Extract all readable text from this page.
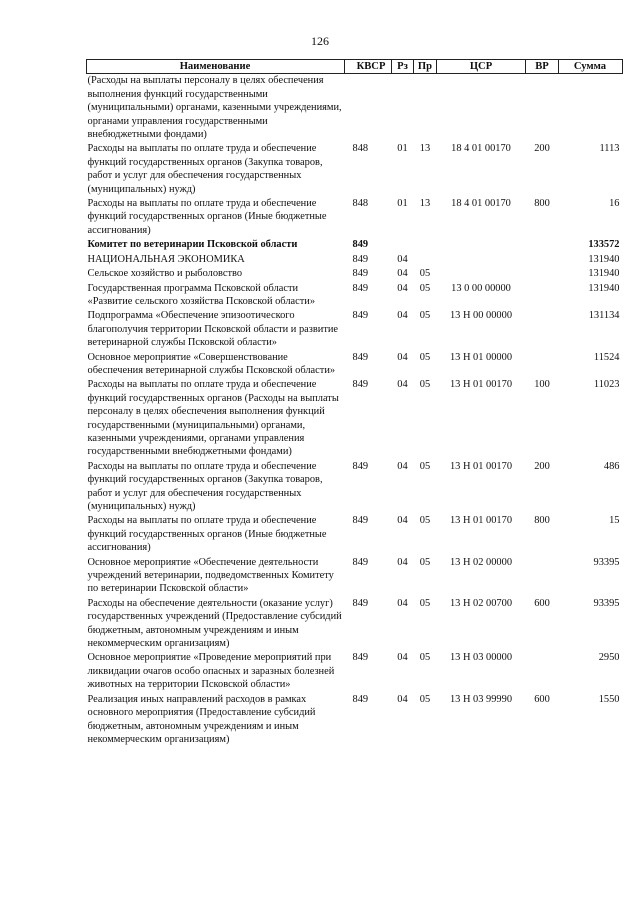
126
Наименование	КВСР	Рз	Пр	ЦСР	ВР	Сумма
(Расходы на выплаты персоналу в целях обеспечения выполнения функций государственными (муниципальными) органами, казенными учреждениями, органами управления государственными внебюджетными фондами)						
Расходы на выплаты по оплате труда и обеспечение функций государственных органов (Закупка товаров, работ и услуг для обеспечения государственных (муниципальных) нужд)	848	01	13	18 4 01 00170	200	1113
Расходы на выплаты по оплате труда и обеспечение функций государственных органов (Иные бюджетные ассигнования)	848	01	13	18 4 01 00170	800	16
Комитет по ветеринарии Псковской области	849					133572
НАЦИОНАЛЬНАЯ ЭКОНОМИКА	849	04				131940
Сельское хозяйство и рыболовство	849	04	05			131940
Государственная программа Псковской области «Развитие сельского хозяйства Псковской области»	849	04	05	13 0 00 00000		131940
Подпрограмма «Обеспечение эпизоотического благополучия территории Псковской области и развитие ветеринарной службы Псковской области»	849	04	05	13 Н 00 00000		131134
Основное мероприятие «Совершенствование обеспечения ветеринарной службы Псковской области»	849	04	05	13 Н 01 00000		11524
Расходы на выплаты по оплате труда и обеспечение функций государственных органов (Расходы на выплаты персоналу в целях обеспечения выполнения функций государственными (муниципальными) органами, казенными учреждениями, органами управления государственными внебюджетными фондами)	849	04	05	13 Н 01 00170	100	11023
Расходы на выплаты по оплате труда и обеспечение функций государственных органов (Закупка товаров, работ и услуг для обеспечения государственных (муниципальных) нужд)	849	04	05	13 Н 01 00170	200	486
Расходы на выплаты по оплате труда и обеспечение функций государственных органов (Иные бюджетные ассигнования)	849	04	05	13 Н 01 00170	800	15
Основное мероприятие «Обеспечение деятельности учреждений ветеринарии, подведомственных Комитету по ветеринарии Псковской области»	849	04	05	13 Н 02 00000		93395
Расходы на обеспечение деятельности (оказание услуг) государственных учреждений (Предоставление субсидий бюджетным, автономным учреждениям и иным некоммерческим организациям)	849	04	05	13 Н 02 00700	600	93395
Основное мероприятие «Проведение мероприятий при ликвидации очагов особо опасных и заразных болезней животных на территории Псковской области»	849	04	05	13 Н 03 00000		2950
Реализация иных направлений расходов в рамках основного мероприятия (Предоставление субсидий бюджетным, автономным учреждениям и иным некоммерческим организациям)	849	04	05	13 Н 03 99990	600	1550
